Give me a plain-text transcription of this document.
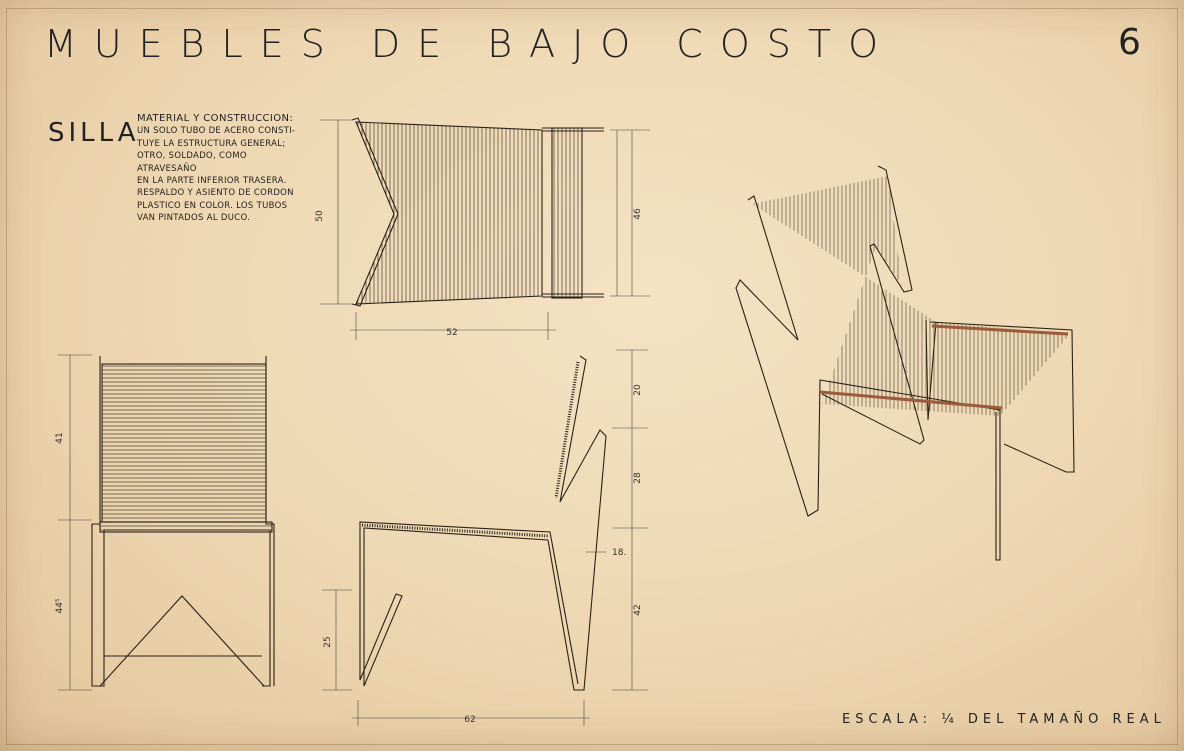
MUEBLES DE BAJO COSTO	6
SILLA
MATERIAL Y CONSTRUCCION:
UN SOLO TUBO DE ACERO CONSTI-
TUYE LA ESTRUCTURA GENERAL;
OTRO, SOLDADO, COMO ATRAVESAÑO
EN LA PARTE INFERIOR TRASERA.
RESPALDO Y ASIENTO DE CORDON
PLASTICO EN COLOR. LOS TUBOS
VAN PINTADOS AL DUCO.
ESCALA: ¼ DEL TAMAÑO REAL
50	46
52
41
44⁵
20
28
42
18.
25
62
